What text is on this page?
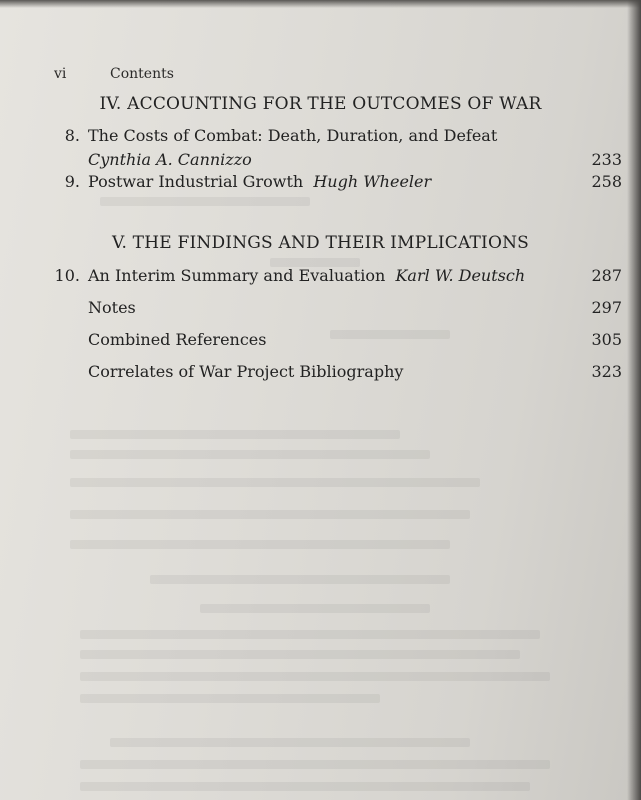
vi	Contents
IV. ACCOUNTING FOR THE OUTCOMES OF WAR
8. The Costs of Combat: Death, Duration, and Defeat
Cynthia A. Cannizzo	233
9. Postwar Industrial Growth Hugh Wheeler	258
V. THE FINDINGS AND THEIR IMPLICATIONS
10. An Interim Summary and Evaluation Karl W. Deutsch	287
Notes	297
Combined References	305
Correlates of War Project Bibliography	323
